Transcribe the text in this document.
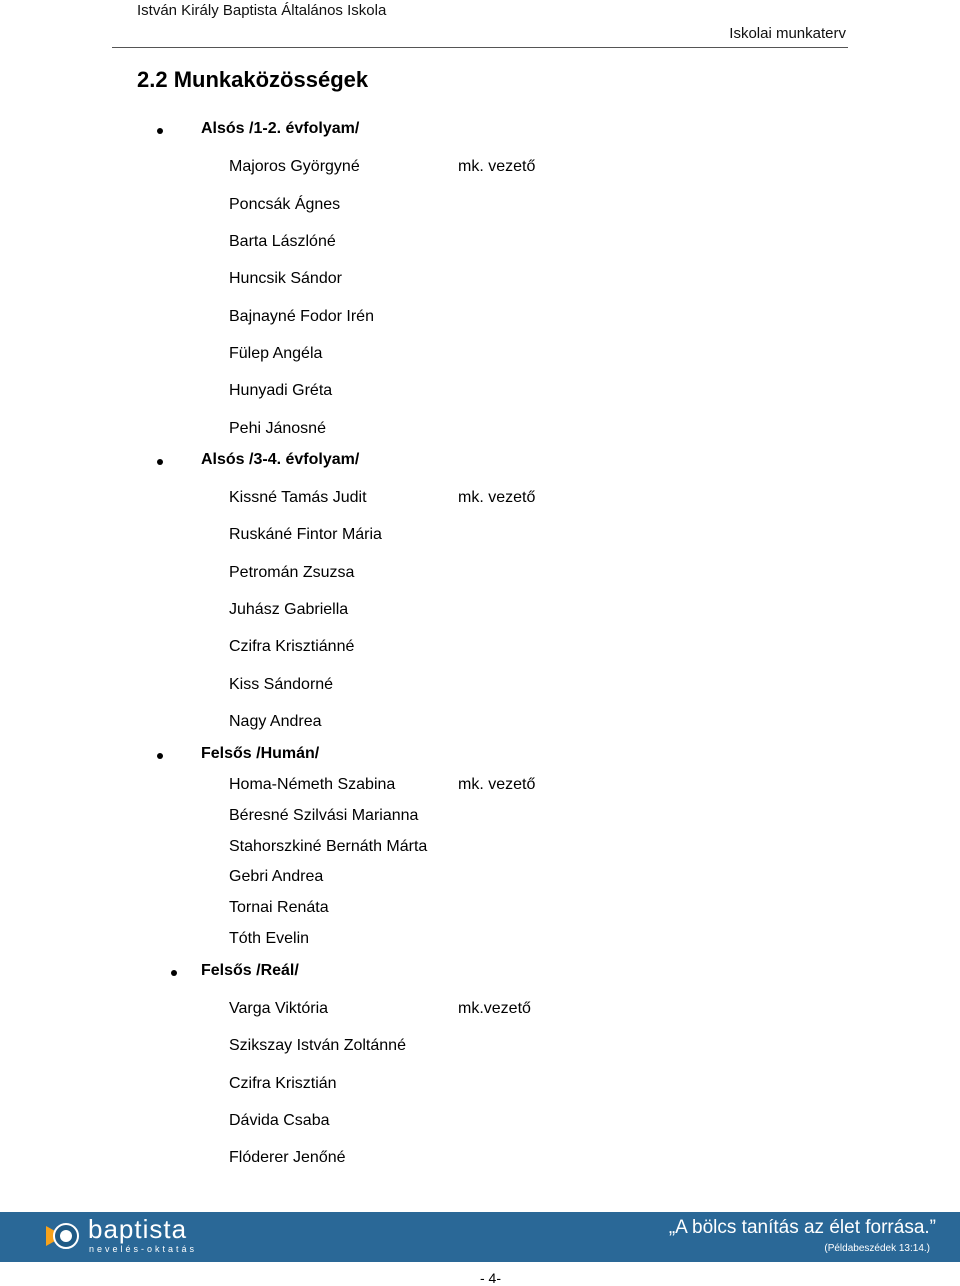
István Király Baptista Általános Iskola
Iskolai munkaterv
2.2 Munkaközösségek
Alsós /1-2. évfolyam/
Majoros Györgyné	mk. vezető
Poncsák Ágnes
Barta Lászlóné
Huncsik Sándor
Bajnayné Fodor Irén
Fülep Angéla
Hunyadi Gréta
Pehi Jánosné
Alsós /3-4. évfolyam/
Kissné Tamás Judit	mk. vezető
Ruskáné Fintor Mária
Petromán Zsuzsa
Juhász Gabriella
Czifra Krisztiánné
Kiss Sándorné
Nagy Andrea
Felsős /Humán/
Homa-Németh Szabina	mk. vezető
Béresné Szilvási Marianna
Stahorszkiné Bernáth Márta
Gebri Andrea
Tornai Renáta
Tóth Evelin
Felsős /Reál/
Varga Viktória	mk.vezető
Szikszay István Zoltánné
Czifra Krisztián
Dávida Csaba
Flóderer Jenőné
baptista
nevelés-oktatás
„A bölcs tanítás az élet forrása.”
(Példabeszédek 13:14.)
- 4-
